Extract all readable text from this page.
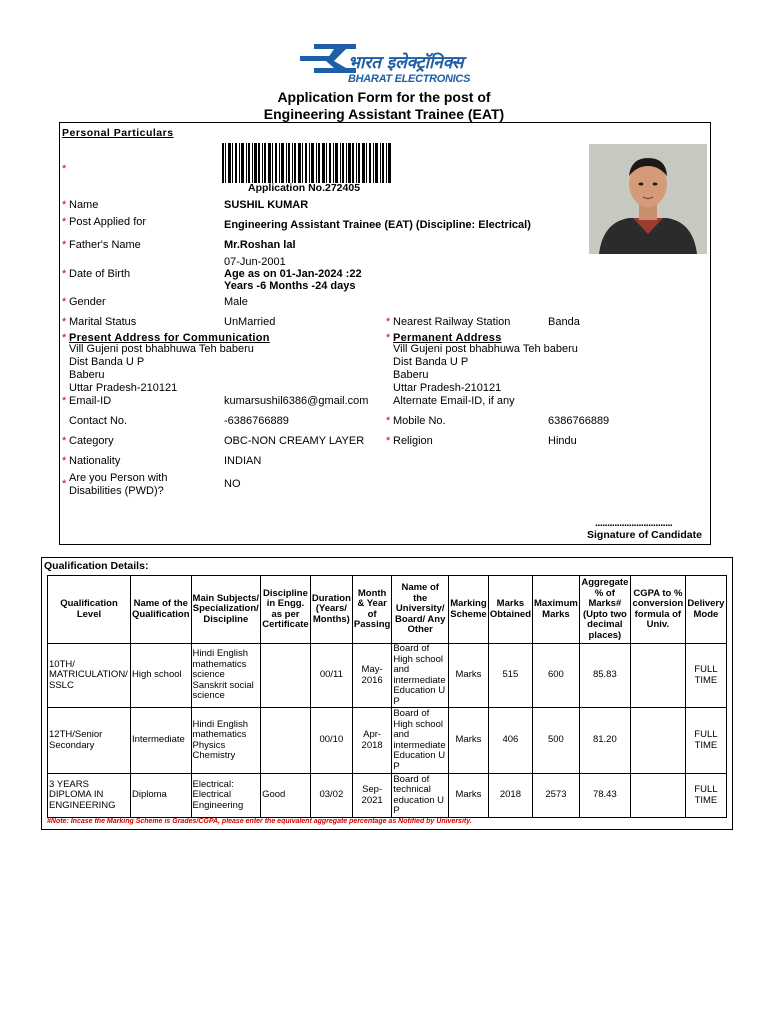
भारत इलेक्ट्रॉनिक्स
BHARAT ELECTRONICS
Application Form for the post of
Engineering Assistant Trainee (EAT)
Personal Particulars
*
Application No.272405
* Name	SUSHIL KUMAR
* Post Applied for	Engineering Assistant Trainee (EAT) (Discipline: Electrical)
* Father's Name	Mr.Roshan lal
07-Jun-2001
* Date of Birth	Age as on 01-Jan-2024 :22
Years -6 Months -24 days
* Gender	Male
* Marital Status	UnMarried	* Nearest Railway Station	Banda
* Present Address for Communication
Vill Gujeni post bhabhuwa Teh baberu
Dist Banda U P
Baberu
Uttar Pradesh-210121
* Permanent Address
Vill Gujeni post bhabhuwa Teh baberu
Dist Banda U P
Baberu
Uttar Pradesh-210121
* Email-ID	kumarsushil6386@gmail.com Alternate Email-ID, if any
Contact No.	-6386766889	* Mobile No.	6386766889
* Category	OBC-NON CREAMY LAYER * Religion	Hindu
* Nationality	INDIAN
* Are you Person with Disabilities (PWD)?
NO
................................
Signature of Candidate
Qualification Details:
Qualification Level	Name of the Qualification	Main Subjects/ Specialization/ Discipline	Discipline in Engg. as per Certificate	Duration (Years/ Months)	Month & Year of Passing	Name of the University/ Board/ Any Other	Marking Scheme	Marks Obtained	Maximum Marks	Aggregate % of Marks# (Upto two decimal places)	CGPA to % conversion formula of Univ.	Delivery Mode
10TH/ MATRICULATION/ SSLC	High school	Hindi English mathematics science Sanskrit social science		00/11	May-2016	Board of High school and intermediate Education U P	Marks	515	600	85.83		FULL TIME
12TH/Senior Secondary	Intermediate	Hindi English mathematics Physics Chemistry		00/10	Apr-2018	Board of High school and intermediate Education U P	Marks	406	500	81.20		FULL TIME
3 YEARS DIPLOMA IN ENGINEERING	Diploma	Electrical: Electrical Engineering	Good	03/02	Sep-2021	Board of technical education U P	Marks	2018	2573	78.43		FULL TIME
#Note: Incase the Marking Scheme is Grades/CGPA, please enter the equivalent aggregate percentage as Notified by University.
